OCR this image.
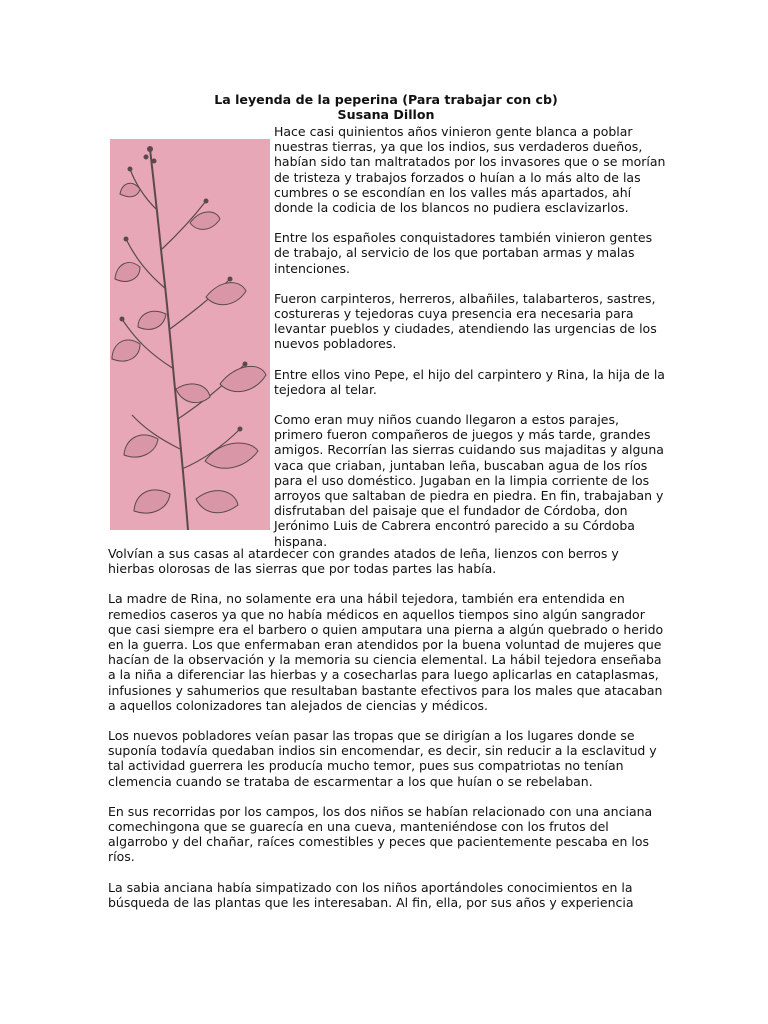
La leyenda de la peperina (Para trabajar con cb)
Susana Dillon

Hace casi quinientos años vinieron gente blanca a poblar nuestras tierras, ya que los indios, sus verdaderos dueños, habían sido tan maltratados por los invasores que o se morían de tristeza y trabajos forzados o huían a lo más alto de las cumbres o se escondían en los valles más apartados, ahí donde la codicia de los blancos no pudiera esclavizarlos.

Entre los españoles conquistadores también vinieron gentes de trabajo, al servicio de los que portaban armas y malas intenciones.

Fueron carpinteros, herreros, albañiles, talabarteros, sastres, costureras y tejedoras cuya presencia era necesaria para levantar pueblos y ciudades, atendiendo las urgencias de los nuevos pobladores.

Entre ellos vino Pepe, el hijo del carpintero y Rina, la hija de la tejedora al telar.

Como eran muy niños cuando llegaron a estos parajes, primero fueron compañeros de juegos y más tarde, grandes amigos. Recorrían las sierras cuidando sus majaditas y alguna vaca que criaban, juntaban leña, buscaban agua de los ríos para el uso doméstico. Jugaban en la limpia corriente de los arroyos que saltaban de piedra en piedra. En fin, trabajaban y disfrutaban del paisaje que el fundador de Córdoba, don Jerónimo Luis de Cabrera encontró parecido a su Córdoba hispana.

Volvían a sus casas al atardecer con grandes atados de leña, lienzos con berros y hierbas olorosas de las sierras que por todas partes las había.

La madre de Rina, no solamente era una hábil tejedora, también era entendida en remedios caseros ya que no había médicos en aquellos tiempos sino algún sangrador que casi siempre era el barbero o quien amputara una pierna a algún quebrado o herido en la guerra. Los que enfermaban eran atendidos por la buena voluntad de mujeres que hacían de la observación y la memoria su ciencia elemental. La hábil tejedora enseñaba a la niña a diferenciar las hierbas y a cosecharlas para luego aplicarlas en cataplasmas, infusiones y sahumerios que resultaban bastante efectivos para los males que atacaban a aquellos colonizadores tan alejados de ciencias y médicos.

Los nuevos pobladores veían pasar las tropas que se dirigían a los lugares donde se suponía todavía quedaban indios sin encomendar, es decir, sin reducir a la esclavitud y tal actividad guerrera les producía mucho temor, pues sus compatriotas no tenían clemencia cuando se trataba de escarmentar a los que huían o se rebelaban.

En sus recorridas por los campos, los dos niños se habían relacionado con una anciana comechingona que se guarecía en una cueva, manteniéndose con los frutos del algarrobo y del chañar, raíces comestibles y peces que pacientemente pescaba en los ríos.

La sabia anciana había simpatizado con los niños aportándoles conocimientos en la búsqueda de las plantas que les interesaban. Al fin, ella, por sus años y experiencia
